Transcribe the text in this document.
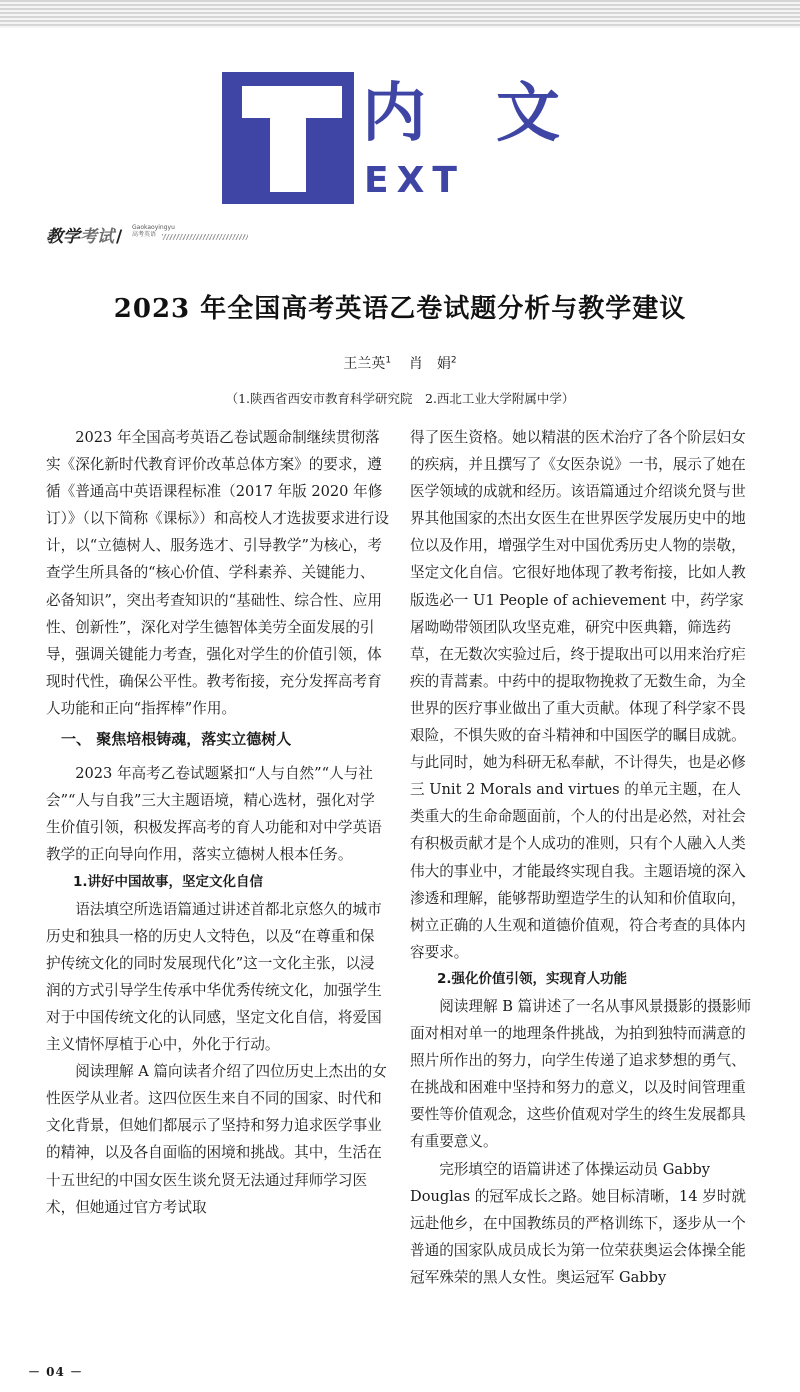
内文
EXT
教学考试 / Gaokaoyingyu
高考英语
2023 年全国高考英语乙卷试题分析与教学建议
王兰英$^1$ 肖　娟$^2$
（1.陕西省西安市教育科学研究院　2.西北工业大学附属中学）

2023 年全国高考英语乙卷试题命制继续贯彻落实《深化新时代教育评价改革总体方案》的要求，遵循《普通高中英语课程标准（2017 年版 2020 年修订）》（以下简称《课标》）和高校人才选拔要求进行设计，以“立德树人、服务选才、引导教学”为核心，考查学生所具备的“核心价值、学科素养、关键能力、必备知识”，突出考查知识的“基础性、综合性、应用性、创新性”，深化对学生德智体美劳全面发展的引导，强调关键能力考查，强化对学生的价值引领，体现时代性，确保公平性。教考衔接，充分发挥高考育人功能和正向“指挥棒”作用。

一、 聚焦培根铸魂，落实立德树人

2023 年高考乙卷试题紧扣“人与自然”“人与社会”“人与自我”三大主题语境，精心选材，强化对学生价值引领，积极发挥高考的育人功能和对中学英语教学的正向导向作用，落实立德树人根本任务。

1.讲好中国故事，坚定文化自信

语法填空所选语篇通过讲述首都北京悠久的城市历史和独具一格的历史人文特色，以及“在尊重和保护传统文化的同时发展现代化”这一文化主张，以浸润的方式引导学生传承中华优秀传统文化，加强学生对于中国传统文化的认同感，坚定文化自信，将爱国主义情怀厚植于心中，外化于行动。

阅读理解 A 篇向读者介绍了四位历史上杰出的女性医学从业者。这四位医生来自不同的国家、时代和文化背景，但她们都展示了坚持和努力追求医学事业的精神，以及各自面临的困境和挑战。其中，生活在十五世纪的中国女医生谈允贤无法通过拜师学习医术，但她通过官方考试取

得了医生资格。她以精湛的医术治疗了各个阶层妇女的疾病，并且撰写了《女医杂说》一书，展示了她在医学领域的成就和经历。该语篇通过介绍谈允贤与世界其他国家的杰出女医生在世界医学发展历史中的地位以及作用，增强学生对中国优秀历史人物的崇敬，坚定文化自信。它很好地体现了教考衔接，比如人教版选必一 U1 People of achievement 中，药学家屠呦呦带领团队攻坚克难，研究中医典籍，筛选药草，在无数次实验过后，终于提取出可以用来治疗疟疾的青蒿素。中药中的提取物挽救了无数生命，为全世界的医疗事业做出了重大贡献。体现了科学家不畏艰险，不惧失败的奋斗精神和中国医学的瞩目成就。与此同时，她为科研无私奉献，不计得失，也是必修三 Unit 2 Morals and virtues 的单元主题，在人类重大的生命命题面前，个人的付出是必然，对社会有积极贡献才是个人成功的准则，只有个人融入人类伟大的事业中，才能最终实现自我。主题语境的深入渗透和理解，能够帮助塑造学生的认知和价值取向，树立正确的人生观和道德价值观，符合考查的具体内容要求。

2.强化价值引领，实现育人功能

阅读理解 B 篇讲述了一名从事风景摄影的摄影师面对相对单一的地理条件挑战，为拍到独特而满意的照片所作出的努力，向学生传递了追求梦想的勇气、在挑战和困难中坚持和努力的意义，以及时间管理重要性等价值观念，这些价值观对学生的终生发展都具有重要意义。

完形填空的语篇讲述了体操运动员 Gabby Douglas 的冠军成长之路。她目标清晰，14 岁时就远赴他乡，在中国教练员的严格训练下，逐步从一个普通的国家队成员成长为第一位荣获奥运会体操全能冠军殊荣的黑人女性。奥运冠军 Gabby

－ 04 －
